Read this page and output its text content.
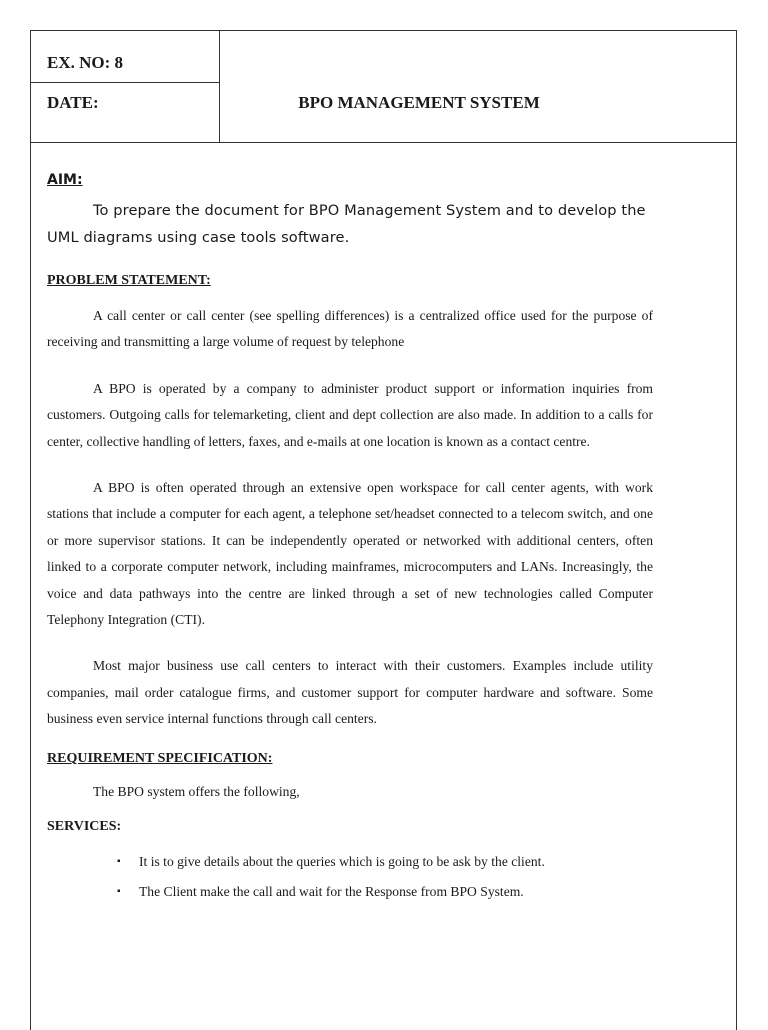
EX. NO: 8
DATE:	BPO MANAGEMENT SYSTEM

AIM:

To prepare the document for BPO Management System and to develop the UML diagrams using case tools software.

PROBLEM STATEMENT:

A call center or call center (see spelling differences) is a centralized office used for the purpose of receiving and transmitting a large volume of request by telephone

A BPO is operated by a company to administer product support or information inquiries from customers. Outgoing calls for telemarketing, client and dept collection are also made. In addition to a calls for center, collective handling of letters, faxes, and e-mails at one location is known as a contact centre.

A BPO is often operated through an extensive open workspace for call center agents, with work stations that include a computer for each agent, a telephone set/headset connected to a telecom switch, and one or more supervisor stations. It can be independently operated or networked with additional centers, often linked to a corporate computer network, including mainframes, microcomputers and LANs. Increasingly, the voice and data pathways into the centre are linked through a set of new technologies called Computer Telephony Integration (CTI).

Most major business use call centers to interact with their customers. Examples include utility companies, mail order catalogue firms, and customer support for computer hardware and software. Some business even service internal functions through call centers.

REQUIREMENT SPECIFICATION:

The BPO system offers the following,

SERVICES:

▪ It is to give details about the queries which is going to be ask by the client.
▪ The Client make the call and wait for the Response from BPO System.
